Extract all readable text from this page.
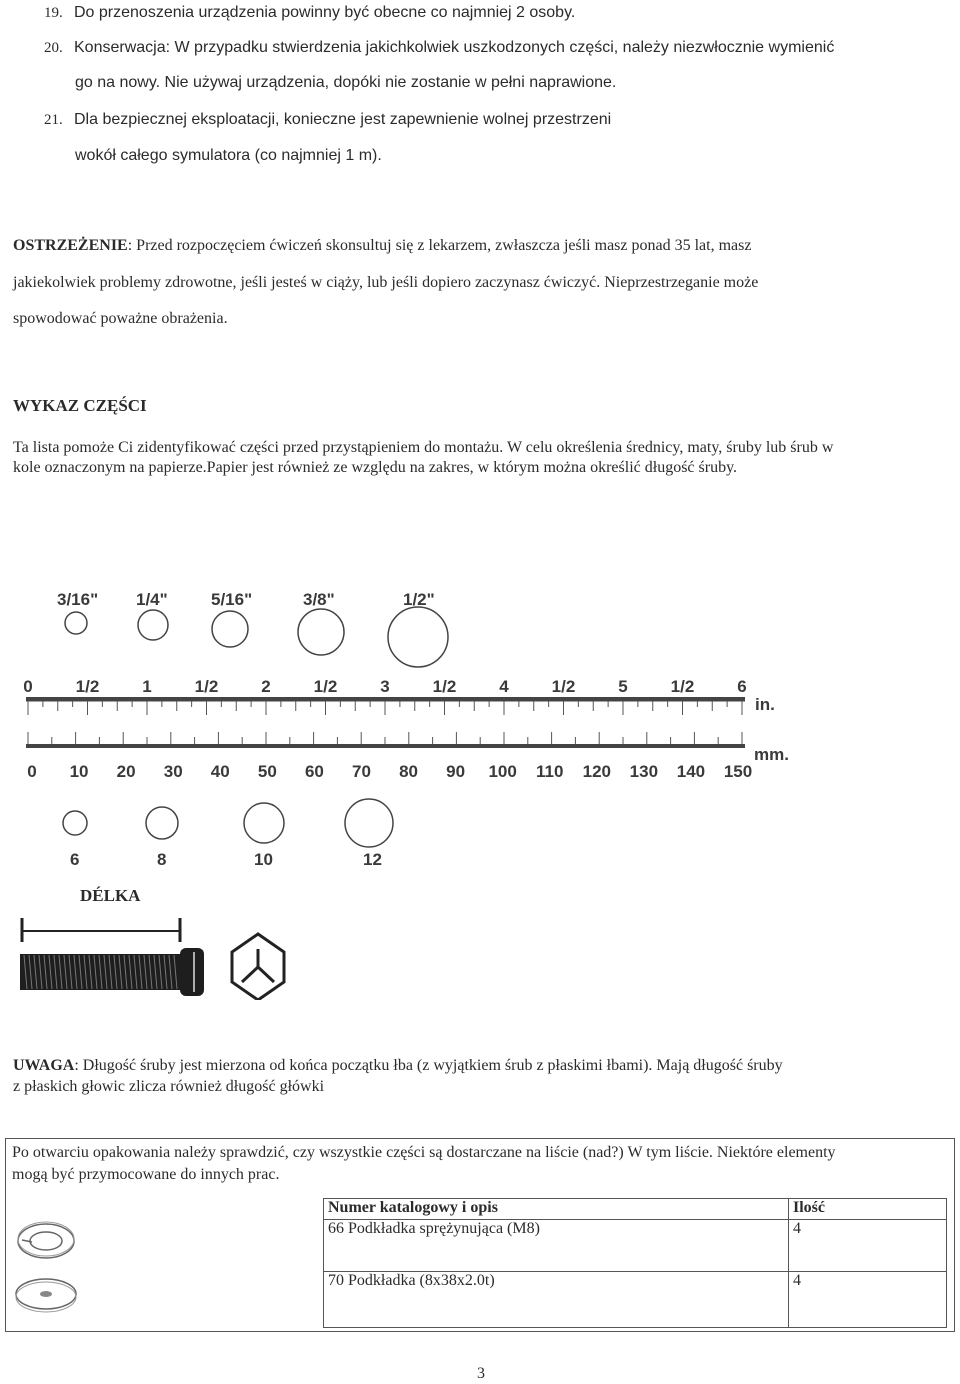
19. Do przenoszenia urządzenia powinny być obecne co najmniej 2 osoby.
20. Konserwacja: W przypadku stwierdzenia jakichkolwiek uszkodzonych części, należy niezwłocznie wymienić
go na nowy. Nie używaj urządzenia, dopóki nie zostanie w pełni naprawione.
21. Dla bezpiecznej eksploatacji, konieczne jest zapewnienie wolnej przestrzeni
wokół całego symulatora (co najmniej 1 m).
OSTRZEŻENIE: Przed rozpoczęciem ćwiczeń skonsultuj się z lekarzem, zwłaszcza jeśli masz ponad 35 lat, masz
jakiekolwiek problemy zdrowotne, jeśli jesteś w ciąży, lub jeśli dopiero zaczynasz ćwiczyć. Nieprzestrzeganie może
spowodować poważne obrażenia.
WYKAZ CZĘŚCI
Ta lista pomoże Ci zidentyfikować części przed przystąpieniem do montażu. W celu określenia średnicy, maty, śruby lub śrub w
kole oznaczonym na papierze.Papier jest również ze względu na zakres, w którym można określić długość śruby.
3/16" 1/4"	5/16"	3/8"	1/2"
0	1/2	1	1/2	2	1/2	3	1/2	4	1/2	5	1/2	6
in.
mm.
0 10 20 30 40 50 60 70 80 90 100 110 120 130 140 150
6	8	10	12
DÉLKA
UWAGA: Długość śruby jest mierzona od końca początku łba (z wyjątkiem śrub z płaskimi łbami). Mają długość śruby
z płaskich głowic zlicza również długość główki
Po otwarciu opakowania należy sprawdzić, czy wszystkie części są dostarczane na liście (nad?) W tym liście. Niektóre elementy
mogą być przymocowane do innych prac.
Numer katalogowy i opis	Ilość
66 Podkładka sprężynująca (M8)	4
70 Podkładka (8x38x2.0t)	4
3
